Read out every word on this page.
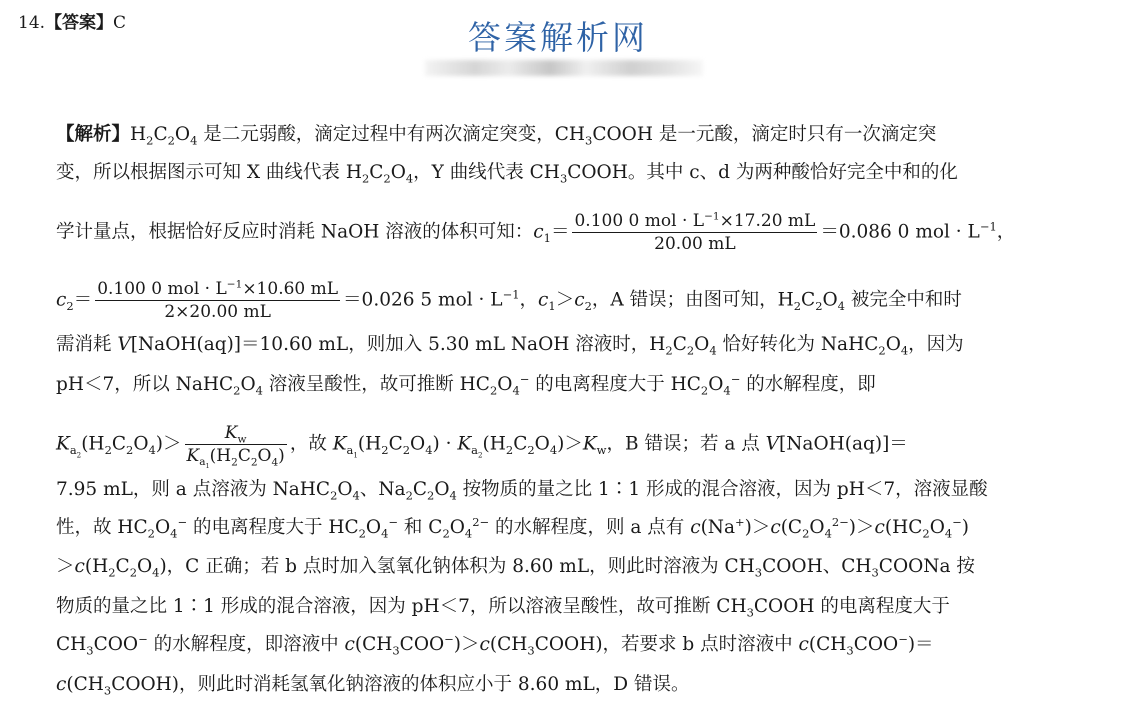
14.【答案】C	答案解析网
【解析】$H_2C_2O_4$ 是二元弱酸，滴定过程中有两次滴定突变，$CH_3COOH$ 是一元酸，滴定时只有一次滴定突
变，所以根据图示可知 X 曲线代表 $H_2C_2O_4$，Y 曲线代表 $CH_3COOH$。其中 c、d 为两种酸恰好完全中和的化
学计量点，根据恰好反应时消耗 NaOH 溶液的体积可知：$c_1= \frac{0.100 0 mol \cdot L^{-1}\times 17.20 mL}{20.00 mL} =0.086$ 0 mol · $L^{-1}$，
$c_2= \frac{0.100 0 mol \cdot L^{-1}\times 10.60 mL}{2\times 20.00 mL} =0.026$ 5 mol · $L^{-1}$，$c_1>c_2$，A 错误；由图可知，$H_2C_2O_4$ 被完全中和时
需消耗 V[NaOH(aq)]＝10.60 mL，则加入 5.30 mL NaOH 溶液时，$H_2C_2O_4$ 恰好转化为 $NaHC_2O_4$，因为
pH＜7，所以 $NaHC_2O_4$ 溶液呈酸性，故可推断 $HC_2O_4^-$ 的电离程度大于 $HC_2O_4^-$ 的水解程度，即
$K_{a_2}(H_2C_2O_4)> \frac{K_w}{K_{a_1}(H_2C_2O_4)}$ ，故 $K_{a_1}(H_2C_2O_4) \cdot K_{a_2}(H_2C_2O_4)>K_w$，B 错误；若 a 点 V[NaOH(aq)]＝
7.95 mL，则 a 点溶液为 $NaHC_2O_4$、$Na_2C_2O_4$ 按物质的量之比 1∶1 形成的混合溶液，因为 pH＜7，溶液显酸
性，故 $HC_2O_4^-$ 的电离程度大于 $HC_2O_4^-$ 和 $C_2O_4^{2-}$ 的水解程度，则 a 点有 $c(Na^+)>c(C_2O_4^{2-})>c(HC_2O_4^-)$
$>c(H_2C_2O_4)$，C 正确；若 b 点时加入氢氧化钠体积为 8.60 mL，则此时溶液为 $CH_3COOH$、$CH_3COONa$ 按
物质的量之比 1∶1 形成的混合溶液，因为 pH＜7，所以溶液呈酸性，故可推断 $CH_3COOH$ 的电离程度大于
$CH_3COO^-$ 的水解程度，即溶液中 $c(CH_3COO^-)>c(CH_3COOH)$，若要求 b 点时溶液中 $c(CH_3COO^-)=$
$c(CH_3COOH)$，则此时消耗氢氧化钠溶液的体积应小于 8.60 mL，D 错误。
